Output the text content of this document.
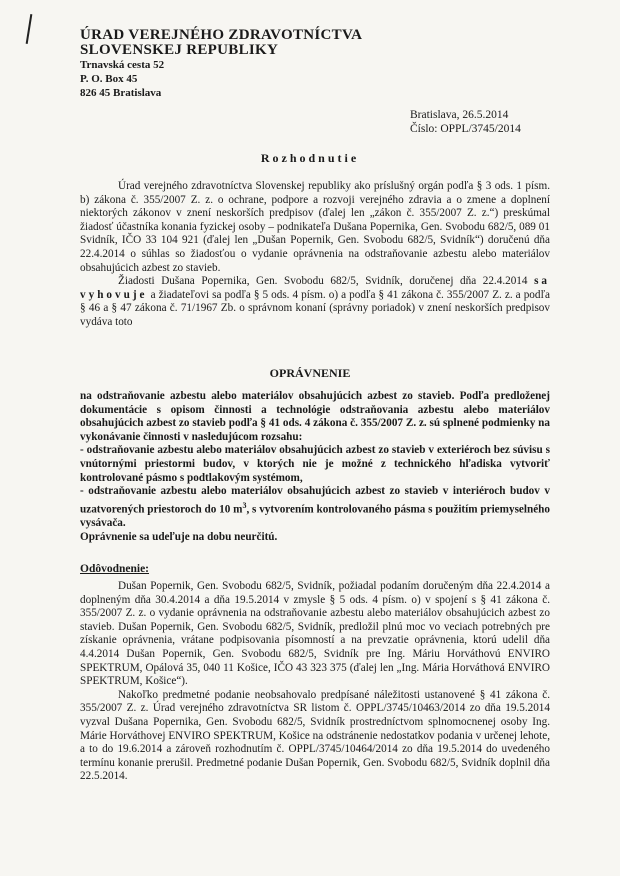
ÚRAD VEREJNÉHO ZDRAVOTNÍCTVA
SLOVENSKEJ REPUBLIKY
Trnavská cesta 52
P. O. Box 45
826 45 Bratislava
Bratislava, 26.5.2014
Číslo: OPPL/3745/2014
Rozhodnutie

Úrad verejného zdravotníctva Slovenskej republiky ako príslušný orgán podľa § 3 ods. 1 písm. b) zákona č. 355/2007 Z. z. o ochrane, podpore a rozvoji verejného zdravia a o zmene a doplnení niektorých zákonov v znení neskorších predpisov (ďalej len „zákon č. 355/2007 Z. z.“) preskúmal žiadosť účastníka konania fyzickej osoby – podnikateľa Dušana Popernika, Gen. Svobodu 682/5, 089 01 Svidník, IČO 33 104 921 (ďalej len „Dušan Popernik, Gen. Svobodu 682/5, Svidník“) doručenú dňa 22.4.2014 o súhlas so žiadosťou o vydanie oprávnenia na odstraňovanie azbestu alebo materiálov obsahujúcich azbest zo stavieb.

Žiadosti Dušana Popernika, Gen. Svobodu 682/5, Svidník, doručenej dňa 22.4.2014 sa vyhovuje a žiadateľovi sa podľa § 5 ods. 4 písm. o) a podľa § 41 zákona č. 355/2007 Z. z. a podľa § 46 a § 47 zákona č. 71/1967 Zb. o správnom konaní (správny poriadok) v znení neskorších predpisov vydáva toto

OPRÁVNENIE

na odstraňovanie azbestu alebo materiálov obsahujúcich azbest zo stavieb. Podľa predloženej dokumentácie s opisom činnosti a technológie odstraňovania azbestu alebo materiálov obsahujúcich azbest zo stavieb podľa § 41 ods. 4 zákona č. 355/2007 Z. z. sú splnené podmienky na vykonávanie činnosti v nasledujúcom rozsahu:

- odstraňovanie azbestu alebo materiálov obsahujúcich azbest zo stavieb v exteriéroch bez súvisu s vnútornými priestormi budov, v ktorých nie je možné z technického hľadiska vytvoriť kontrolované pásmo s podtlakovým systémom,

- odstraňovanie azbestu alebo materiálov obsahujúcich azbest zo stavieb v interiéroch budov v uzatvorených priestoroch do 10 $m^3$, s vytvorením kontrolovaného pásma s použitím priemyselného vysávača.

Oprávnenie sa udeľuje na dobu neurčitú.

Odôvodnenie:

Dušan Popernik, Gen. Svobodu 682/5, Svidník, požiadal podaním doručeným dňa 22.4.2014 a doplneným dňa 30.4.2014 a dňa 19.5.2014 v zmysle § 5 ods. 4 písm. o) v spojení s § 41 zákona č. 355/2007 Z. z. o vydanie oprávnenia na odstraňovanie azbestu alebo materiálov obsahujúcich azbest zo stavieb. Dušan Popernik, Gen. Svobodu 682/5, Svidník, predložil plnú moc vo veciach potrebných pre získanie oprávnenia, vrátane podpisovania písomností a na prevzatie oprávnenia, ktorú udelil dňa 4.4.2014 Dušan Popernik, Gen. Svobodu 682/5, Svidník pre Ing. Máriu Horváthovú ENVIRO SPEKTRUM, Opálová 35, 040 11 Košice, IČO 43 323 375 (ďalej len „Ing. Mária Horváthová ENVIRO SPEKTRUM, Košice“).

Nakoľko predmetné podanie neobsahovalo predpísané náležitosti ustanovené § 41 zákona č. 355/2007 Z. z. Úrad verejného zdravotníctva SR listom č. OPPL/3745/10463/2014 zo dňa 19.5.2014 vyzval Dušana Popernika, Gen. Svobodu 682/5, Svidník prostredníctvom splnomocnenej osoby Ing. Márie Horváthovej ENVIRO SPEKTRUM, Košice na odstránenie nedostatkov podania v určenej lehote, a to do 19.6.2014 a zároveň rozhodnutím č. OPPL/3745/10464/2014 zo dňa 19.5.2014 do uvedeného termínu konanie prerušil. Predmetné podanie Dušan Popernik, Gen. Svobodu 682/5, Svidník doplnil dňa 22.5.2014.
